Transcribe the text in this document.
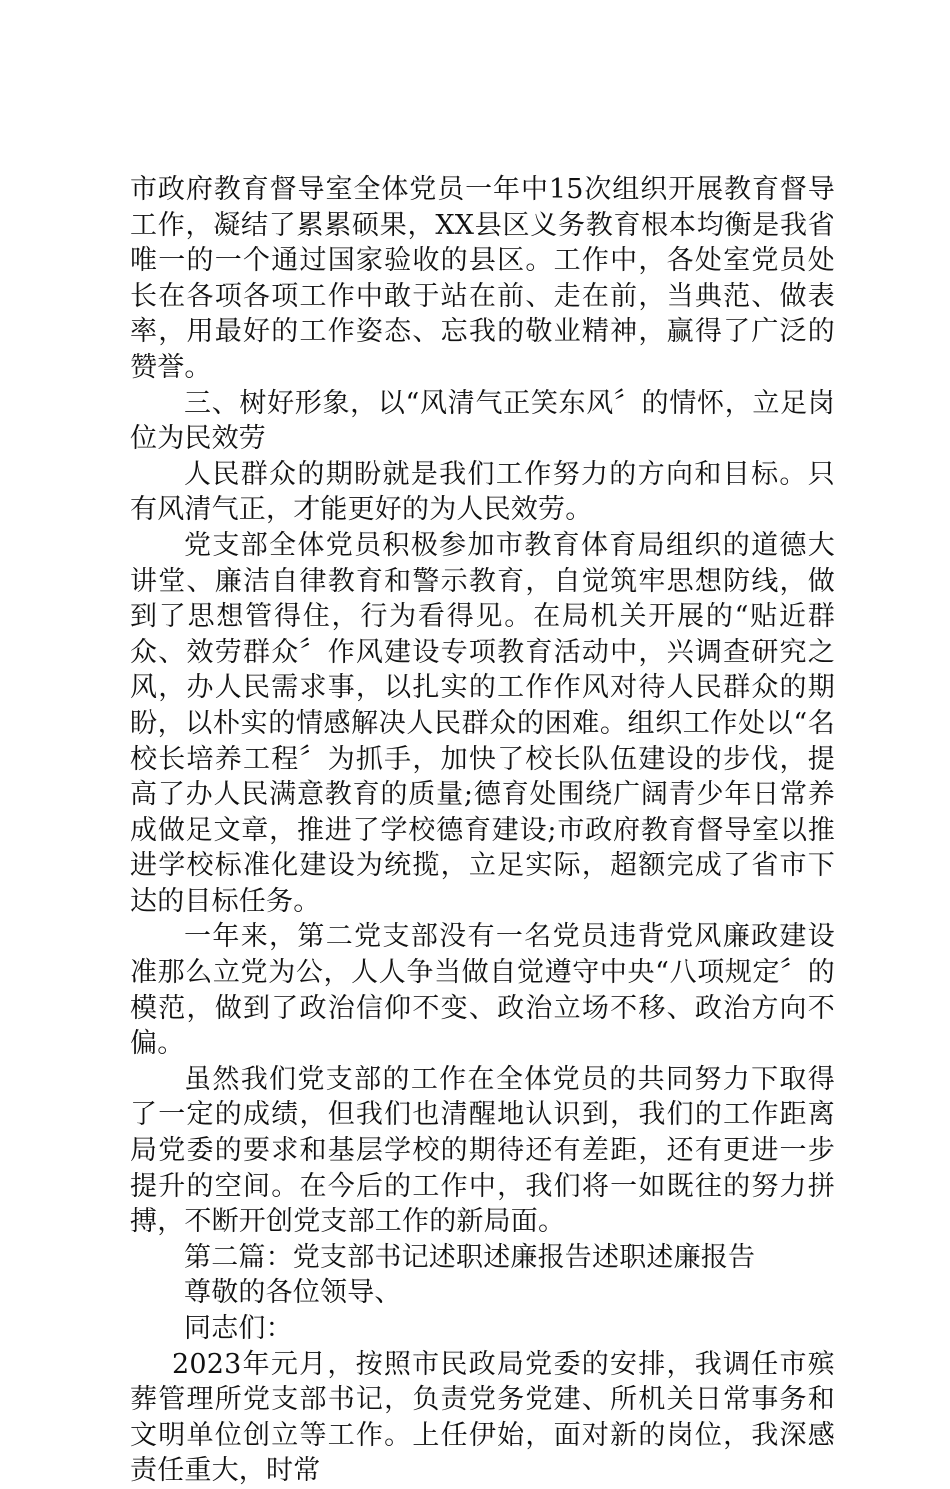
市政府教育督导室全体党员一年中15次组织开展教育督导工作，凝结了累累硕果，XX县区义务教育根本均衡是我省唯一的一个通过国家验收的县区。工作中，各处室党员处长在各项各项工作中敢于站在前、走在前，当典范、做表率，用最好的工作姿态、忘我的敬业精神，赢得了广泛的赞誉。

三、树好形象，以“风清气正笑东风〞的情怀，立足岗位为民效劳

人民群众的期盼就是我们工作努力的方向和目标。只有风清气正，才能更好的为人民效劳。

党支部全体党员积极参加市教育体育局组织的道德大讲堂、廉洁自律教育和警示教育，自觉筑牢思想防线，做到了思想管得住，行为看得见。在局机关开展的“贴近群众、效劳群众〞作风建设专项教育活动中，兴调查研究之风，办人民需求事，以扎实的工作作风对待人民群众的期盼，以朴实的情感解决人民群众的困难。组织工作处以“名校长培养工程〞为抓手，加快了校长队伍建设的步伐，提高了办人民满意教育的质量;德育处围绕广阔青少年日常养成做足文章，推进了学校德育建设;市政府教育督导室以推进学校标准化建设为统揽，立足实际，超额完成了省市下达的目标任务。

一年来，第二党支部没有一名党员违背党风廉政建设准那么立党为公，人人争当做自觉遵守中央“八项规定〞的模范，做到了政治信仰不变、政治立场不移、政治方向不偏。

虽然我们党支部的工作在全体党员的共同努力下取得了一定的成绩，但我们也清醒地认识到，我们的工作距离局党委的要求和基层学校的期待还有差距，还有更进一步提升的空间。在今后的工作中，我们将一如既往的努力拼搏，不断开创党支部工作的新局面。

第二篇：党支部书记述职述廉报告述职述廉报告

尊敬的各位领导、

同志们：

2023年元月，按照市民政局党委的安排，我调任市殡葬管理所党支部书记，负责党务党建、所机关日常事务和文明单位创立等工作。上任伊始，面对新的岗位，我深感责任重大，时常
